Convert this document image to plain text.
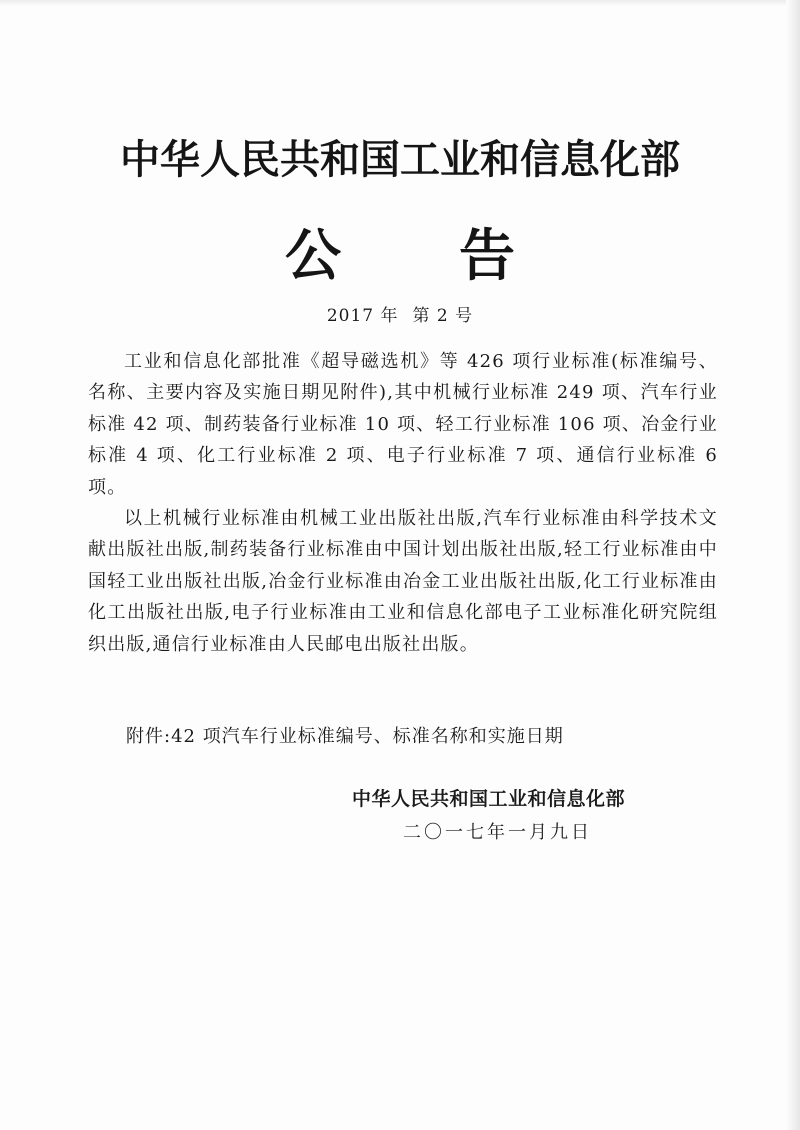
中华人民共和国工业和信息化部
公 告
2017 年 第 2 号

工业和信息化部批准《超导磁选机》等 426 项行业标准(标准编号、名称、主要内容及实施日期见附件),其中机械行业标准 249 项、汽车行业标准 42 项、制药装备行业标准 10 项、轻工行业标准 106 项、冶金行业标准 4 项、化工行业标准 2 项、电子行业标准 7 项、通信行业标准 6 项。

以上机械行业标准由机械工业出版社出版,汽车行业标准由科学技术文献出版社出版,制药装备行业标准由中国计划出版社出版,轻工行业标准由中国轻工业出版社出版,冶金行业标准由冶金工业出版社出版,化工行业标准由化工出版社出版,电子行业标准由工业和信息化部电子工业标准化研究院组织出版,通信行业标准由人民邮电出版社出版。

附件:42 项汽车行业标准编号、标准名称和实施日期
中华人民共和国工业和信息化部
二〇一七年一月九日
